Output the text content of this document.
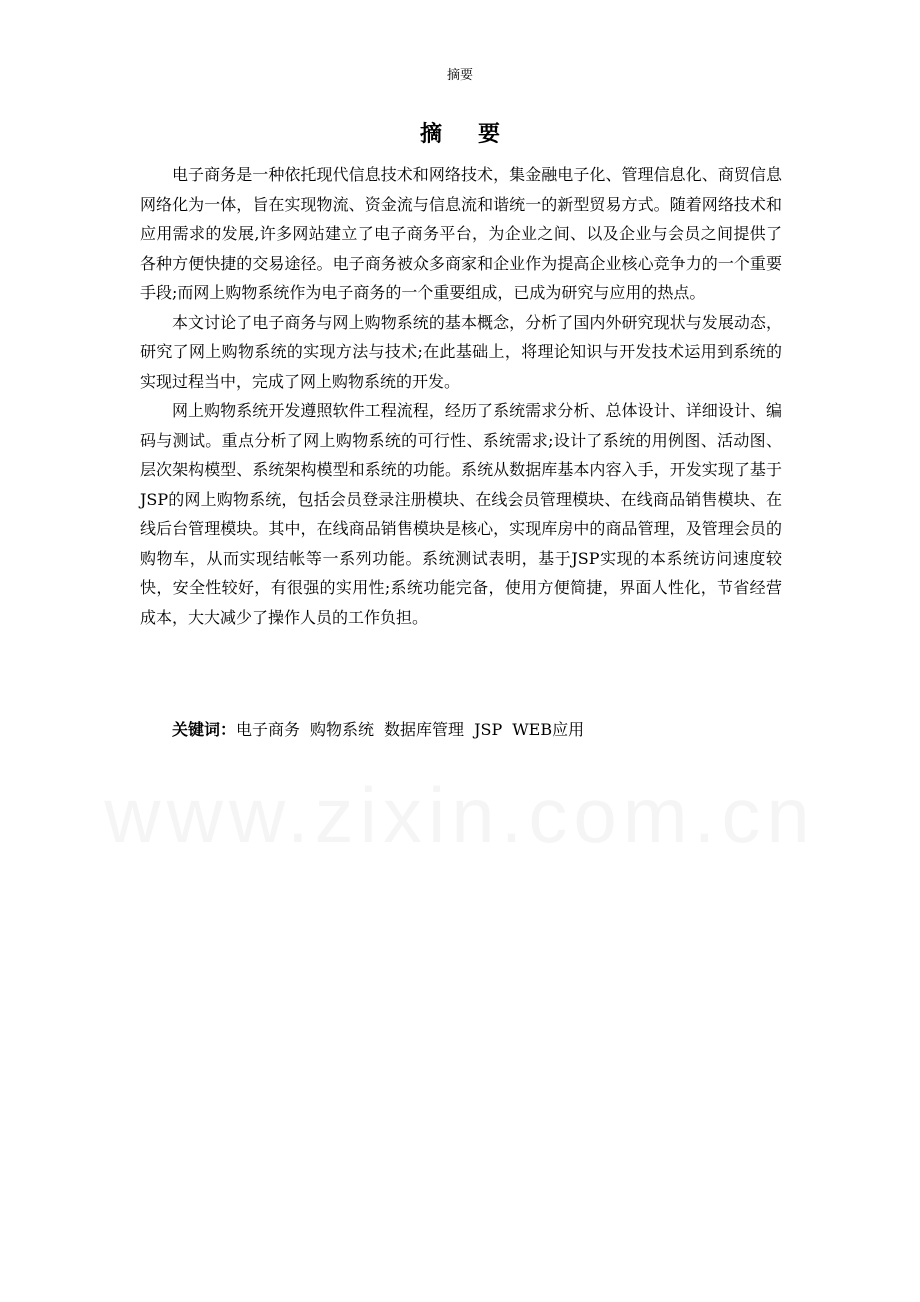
摘要
摘要

电子商务是一种依托现代信息技术和网络技术，集金融电子化、管理信息化、商贸信息网络化为一体，旨在实现物流、资金流与信息流和谐统一的新型贸易方式。随着网络技术和应用需求的发展,许多网站建立了电子商务平台，为企业之间、以及企业与会员之间提供了各种方便快捷的交易途径。电子商务被众多商家和企业作为提高企业核心竞争力的一个重要手段;而网上购物系统作为电子商务的一个重要组成，已成为研究与应用的热点。

本文讨论了电子商务与网上购物系统的基本概念，分析了国内外研究现状与发展动态，研究了网上购物系统的实现方法与技术;在此基础上，将理论知识与开发技术运用到系统的实现过程当中，完成了网上购物系统的开发。

网上购物系统开发遵照软件工程流程，经历了系统需求分析、总体设计、详细设计、编码与测试。重点分析了网上购物系统的可行性、系统需求;设计了系统的用例图、活动图、层次架构模型、系统架构模型和系统的功能。系统从数据库基本内容入手，开发实现了基于JSP的网上购物系统，包括会员登录注册模块、在线会员管理模块、在线商品销售模块、在线后台管理模块。其中，在线商品销售模块是核心，实现库房中的商品管理，及管理会员的购物车，从而实现结帐等一系列功能。系统测试表明，基于JSP实现的本系统访问速度较快，安全性较好，有很强的实用性;系统功能完备，使用方便简捷，界面人性化，节省经营成本，大大减少了操作人员的工作负担。

关键词：电子商务 购物系统 数据库管理 JSP WEB应用
